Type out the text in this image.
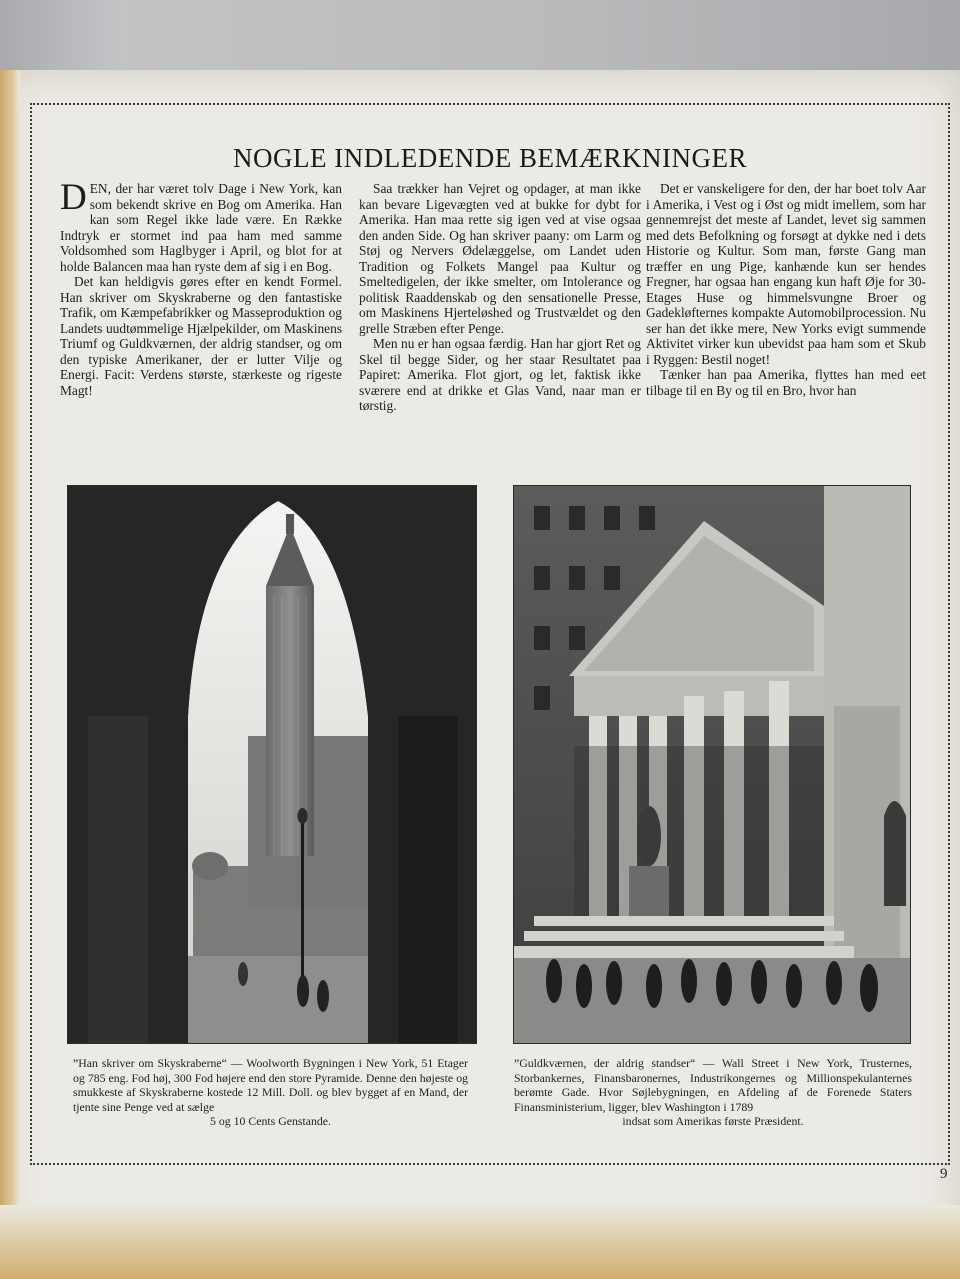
NOGLE INDLEDENDE BEMÆRKNINGER

DEN, der har været tolv Dage i New York, kan som bekendt skrive en Bog om Amerika. Han kan som Regel ikke lade være. En Række Indtryk er stormet ind paa ham med samme Voldsomhed som Haglbyger i April, og blot for at holde Balancen maa han ryste dem af sig i en Bog.

Det kan heldigvis gøres efter en kendt Formel. Han skriver om Skyskraberne og den fantastiske Trafik, om Kæmpefabrikker og Masseproduktion og Landets uudtømmelige Hjælpekilder, om Maskinens Triumf og Guldkværnen, der aldrig standser, og om den typiske Amerikaner, der er lutter Vilje og Energi. Facit: Verdens største, stærkeste og rigeste Magt!

Saa trækker han Vejret og opdager, at man ikke kan bevare Ligevægten ved at bukke for dybt for Amerika. Han maa rette sig igen ved at vise ogsaa den anden Side. Og han skriver paany: om Larm og Støj og Nervers Ødelæggelse, om Landet uden Tradition og Folkets Mangel paa Kultur og Smeltedigelen, der ikke smelter, om Intolerance og politisk Raaddenskab og den sensationelle Presse, om Maskinens Hjerteløshed og Trustvældet og den grelle Stræben efter Penge.

Men nu er han ogsaa færdig. Han har gjort Ret og Skel til begge Sider, og her staar Resultatet paa Papiret: Amerika. Flot gjort, og let, faktisk ikke sværere end at drikke et Glas Vand, naar man er tørstig.

Det er vanskeligere for den, der har boet tolv Aar i Amerika, i Vest og i Øst og midt imellem, som har gennemrejst det meste af Landet, levet sig sammen med dets Befolkning og forsøgt at dykke ned i dets Historie og Kultur. Som man, første Gang man træffer en ung Pige, kanhænde kun ser hendes Fregner, har ogsaa han engang kun haft Øje for 30-Etages Huse og himmelsvungne Broer og Gadekløfternes kompakte Automobilprocession. Nu ser han det ikke mere, New Yorks evigt summende Aktivitet virker kun ubevidst paa ham som et Skub i Ryggen: Bestil noget!

Tænker han paa Amerika, flyttes han med eet tilbage til en By og til en Bro, hvor han

”Han skriver om Skyskraberne“ — Woolworth Bygningen i New York, 51 Etager og 785 eng. Fod høj, 300 Fod højere end den store Pyramide. Denne den højeste og smukkeste af Skyskraberne kostede 12 Mill. Doll. og blev bygget af en Mand, der tjente sine Penge ved at sælge
5 og 10 Cents Genstande.
”Guldkværnen, der aldrig standser“ — Wall Street i New York, Trusternes, Storbankernes, Finansbaronernes, Industrikongernes og Millionspekulanternes berømte Gade. Hvor Søjlebygningen, en Afdeling af de Forenede Staters Finansministerium, ligger, blev Washington i 1789
indsat som Amerikas første Præsident.
9
